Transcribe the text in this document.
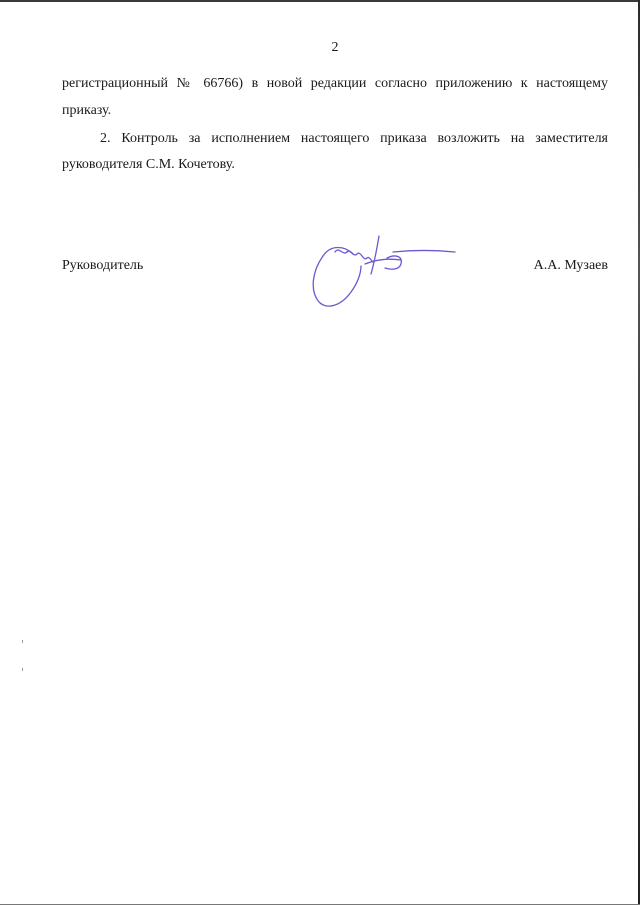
2
регистрационный № 66766) в новой редакции согласно приложению к настоящему
приказу.
2. Контроль за исполнением настоящего приказа возложить на заместителя
руководителя С.М. Кочетову.
Руководитель	А.А. Музаев
